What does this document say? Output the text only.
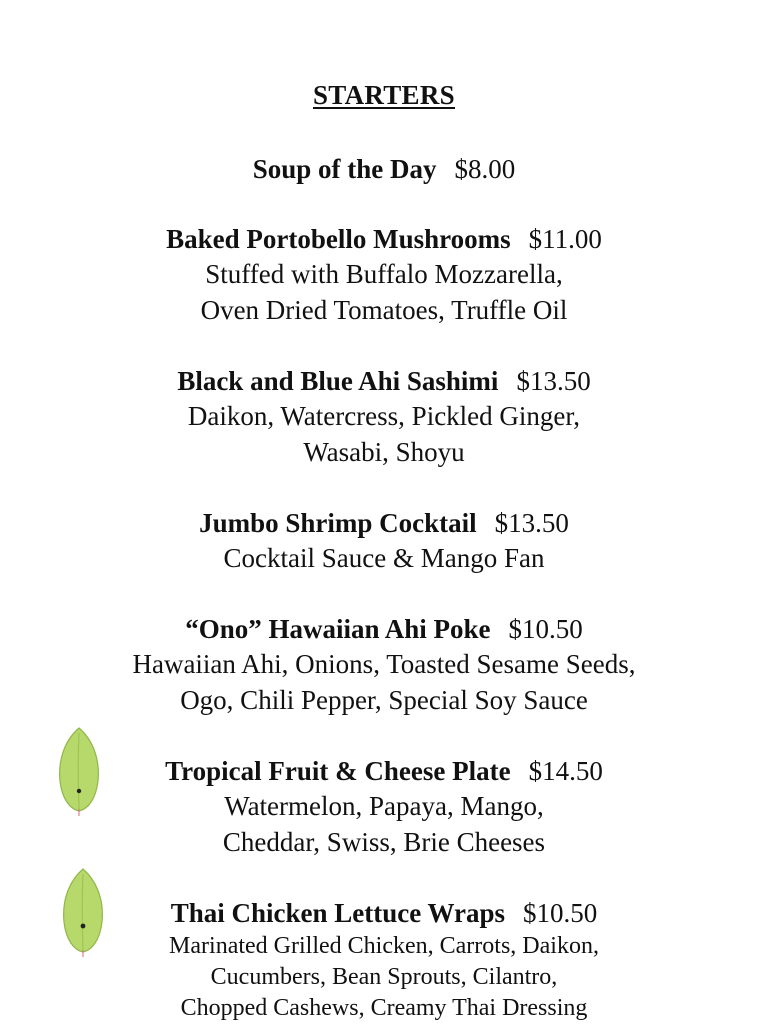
STARTERS
Soup of the Day $8.00
Baked Portobello Mushrooms $11.00
Stuffed with Buffalo Mozzarella,
Oven Dried Tomatoes, Truffle Oil
Black and Blue Ahi Sashimi $13.50
Daikon, Watercress, Pickled Ginger,
Wasabi, Shoyu
Jumbo Shrimp Cocktail $13.50
Cocktail Sauce & Mango Fan
“Ono” Hawaiian Ahi Poke $10.50
Hawaiian Ahi, Onions, Toasted Sesame Seeds,
Ogo, Chili Pepper, Special Soy Sauce
Tropical Fruit & Cheese Plate $14.50
Watermelon, Papaya, Mango,
Cheddar, Swiss, Brie Cheeses
Thai Chicken Lettuce Wraps $10.50
Marinated Grilled Chicken, Carrots, Daikon,
Cucumbers, Bean Sprouts, Cilantro,
Chopped Cashews, Creamy Thai Dressing
